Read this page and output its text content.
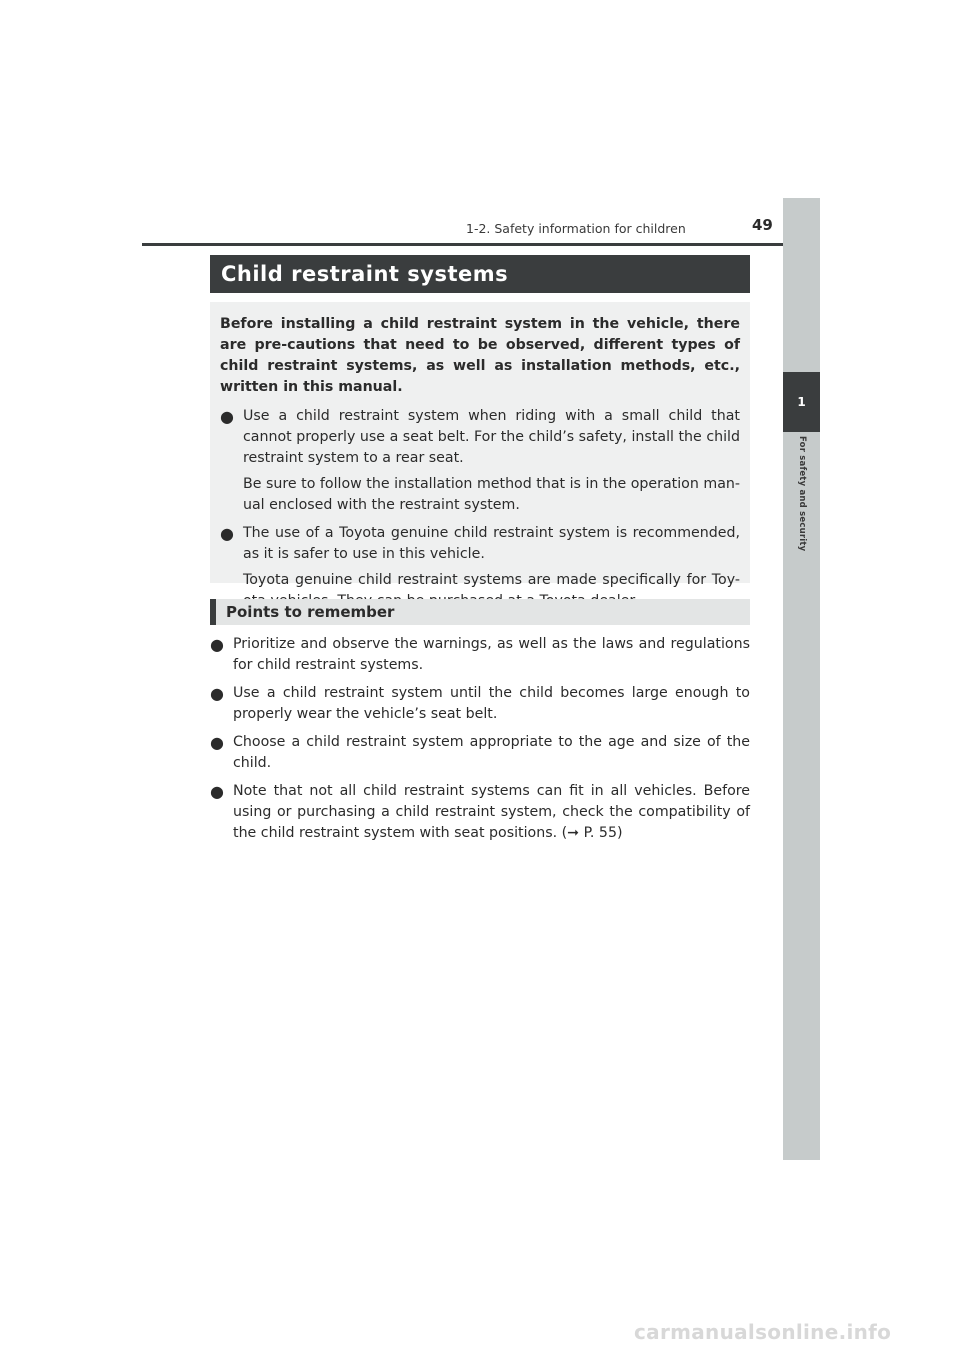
1-2. Safety information for children	49
1
For safety and security
Child restraint systems

Before installing a child restraint system in the vehicle, there are pre-cautions that need to be observed, different types of child restraint systems, as well as installation methods, etc., written in this manual.

● Use a child restraint system when riding with a small child that cannot properly use a seat belt. For the child’s safety, install the child restraint system to a rear seat.

Be sure to follow the installation method that is in the operation man-ual enclosed with the restraint system.

● The use of a Toyota genuine child restraint system is recommended, as it is safer to use in this vehicle.

Toyota genuine child restraint systems are made specifically for Toy-

Points to remember
● Prioritize and observe the warnings, as well as the laws and regulations for child restraint systems.

● Use a child restraint system until the child becomes large enough to properly wear the vehicle’s seat belt.

● Choose a child restraint system appropriate to the age and size of the child.

● Note that not all child restraint systems can fit in all vehicles. Before using or purchasing a child restraint system, check the compatibility of the child restraint system with seat positions. (➞ P. 55)

carmanualsonline.info
